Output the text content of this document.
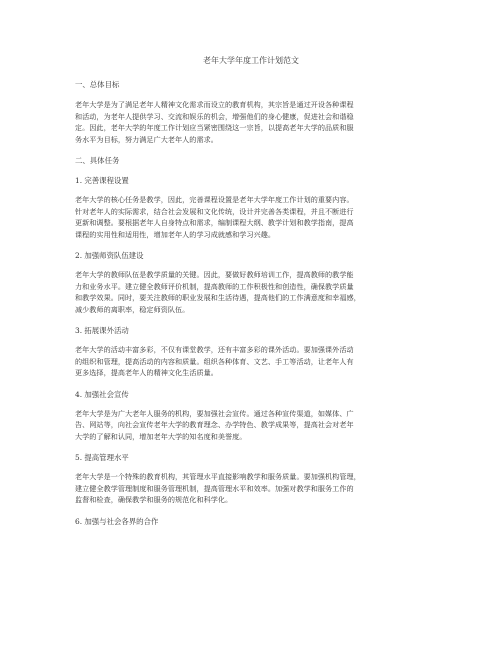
老年大学年度工作计划范文
一、总体目标
老年大学是为了满足老年人精神文化需求而设立的教育机构，其宗旨是通过开设各种课程
和活动，为老年人提供学习、交流和娱乐的机会，增强他们的身心健康，促进社会和谐稳
定。因此，老年大学的年度工作计划应当紧密围绕这一宗旨，以提高老年大学的品质和服
务水平为目标，努力满足广大老年人的需求。
二、具体任务
1. 完善课程设置
老年大学的核心任务是教学，因此，完善课程设置是老年大学年度工作计划的重要内容。
针对老年人的实际需求，结合社会发展和文化传统，设计并完善各类课程，并且不断进行
更新和调整。要根据老年人自身特点和需求，编制课程大纲、教学计划和教学指南，提高
课程的实用性和适用性，增加老年人的学习成就感和学习兴趣。
2. 加强师资队伍建设
老年大学的教师队伍是教学质量的关键。因此，要做好教师培训工作，提高教师的教学能
力和业务水平。建立健全教师评价机制，提高教师的工作积极性和创造性，确保教学质量
和教学效果。同时，要关注教师的职业发展和生活待遇，提高他们的工作满意度和幸福感，
减少教师的离职率，稳定师资队伍。
3. 拓展课外活动
老年大学的活动丰富多彩，不仅有课堂教学，还有丰富多彩的课外活动。要加强课外活动
的组织和管理，提高活动的内容和质量。组织各种体育、文艺、手工等活动，让老年人有
更多选择，提高老年人的精神文化生活质量。
4. 加强社会宣传
老年大学是为广大老年人服务的机构，要加强社会宣传。通过各种宣传渠道，如媒体、广
告、网站等，向社会宣传老年大学的教育理念、办学特色、教学成果等，提高社会对老年
大学的了解和认同，增加老年大学的知名度和美誉度。
5. 提高管理水平
老年大学是一个特殊的教育机构，其管理水平直接影响教学和服务质量。要加强机构管理，
建立健全教学管理制度和服务管理机制，提高管理水平和效率。加强对教学和服务工作的
监督和检查，确保教学和服务的规范化和科学化。
6. 加强与社会各界的合作
